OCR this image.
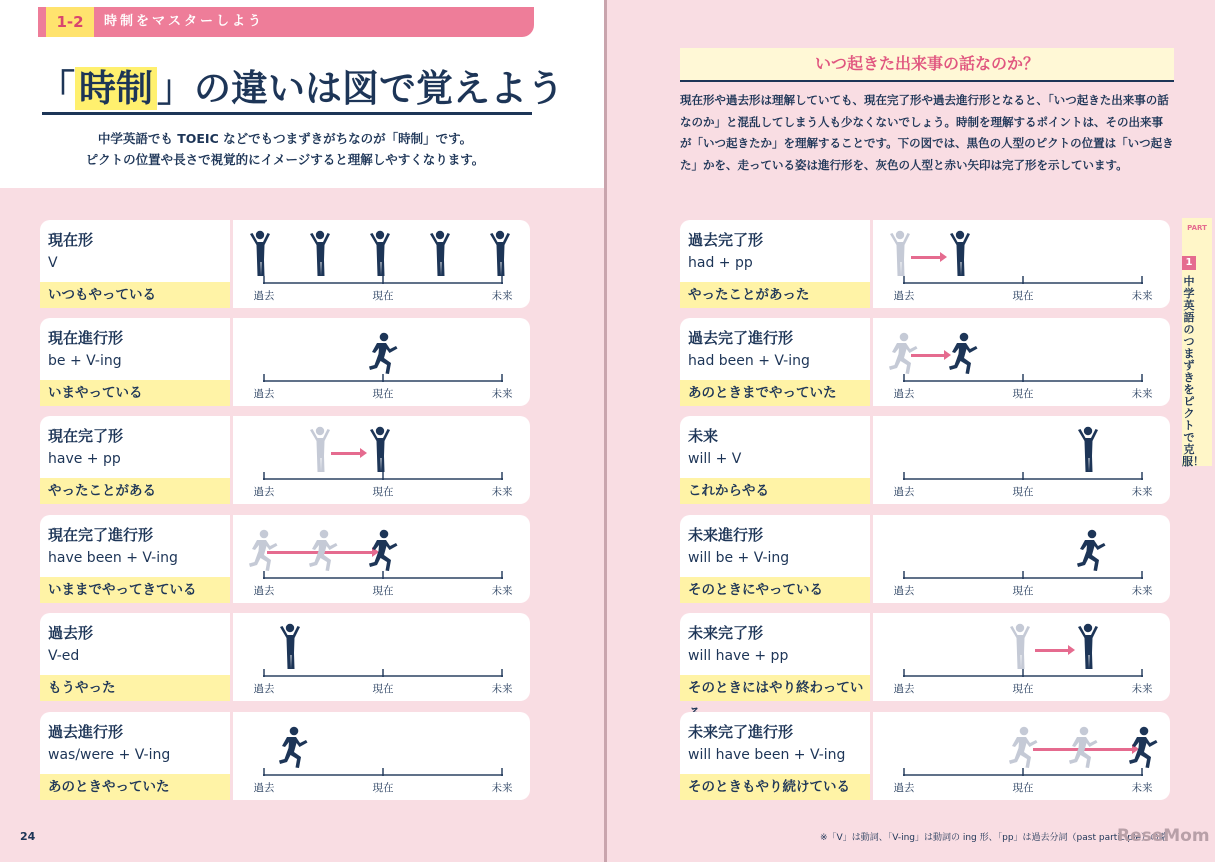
1-2	時制をマスターしよう
「 時制 」の違いは図で覚えよう
中学英語でも TOEIC などでもつまずきがちなのが「時制」です。
ピクトの位置や長さで視覚的にイメージすると理解しやすくなります。
現在形
V
いつもやっている	過去	現在	未来
現在進行形
be + V-ing
いまやっている	過去	現在	未来
現在完了形
have + pp
やったことがある	過去	現在	未来
現在完了進行形
have been + V-ing
いままでやってきている	過去	現在	未来
過去形
V-ed
もうやった	過去	現在	未来
過去進行形
was/were + V-ing
あのときやっていた	過去	現在	未来
24
いつ起きた出来事の話なのか？
現在形や過去形は理解していても、現在完了形や過去進行形となると、「いつ起きた出来事の話なのか」と混乱してしまう人も少なくないでしょう。時制を理解するポイントは、その出来事が「いつ起きたか」を理解することです。下の図では、黒色の人型のピクトの位置は「いつ起きた」かを、走っている姿は進行形を、灰色の人型と赤い矢印は完了形を示しています。
PART
1
中学英語のつまずきをピクトで克服！
過去完了形
had + pp
やったことがあった	過去	現在	未来
過去完了進行形
had been + V-ing
あのときまでやっていた	過去	現在	未来
未来
will + V
これからやる	過去	現在	未来
未来進行形
will be + V-ing
そのときにやっている	過去	現在	未来
未来完了形
will have + pp
そのときにはやり終わってい	過去	現在	未来
未来完了進行形
will have been + V-ing
そのときもやり続けている	過去	現在	未来
※「V」は動詞、「V-ing」は動詞の ing 形、「pp」は過去分詞（past participle）の略
ReseMom
